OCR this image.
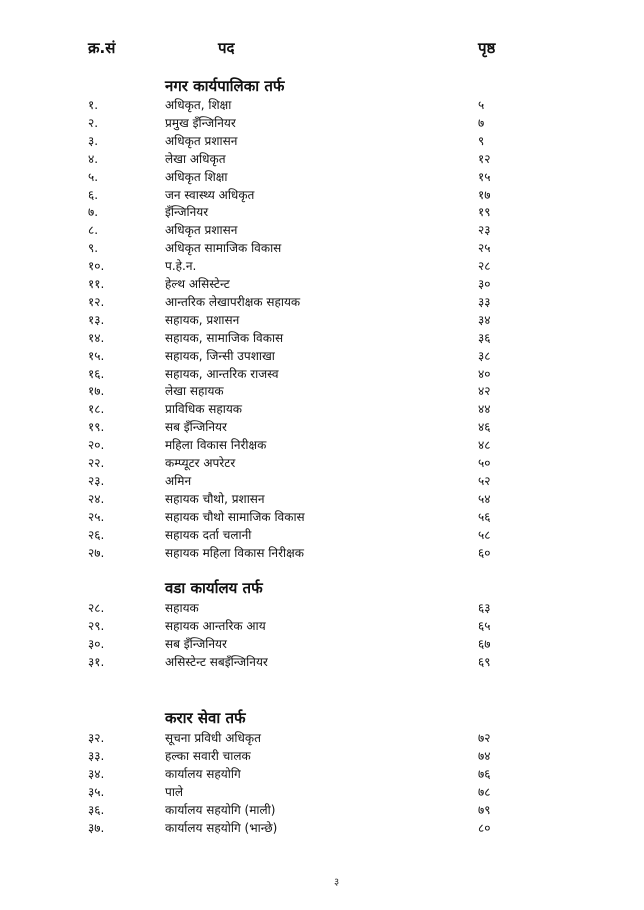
क्र.सं	पद	पृष्ठ
नगर कार्यपालिका तर्फ
१.	अधिकृत, शिक्षा	५
२.	प्रमुख इँन्जिनियर	७
३.	अधिकृत प्रशासन	९
४.	लेखा अधिकृत	१२
५.	अधिकृत शिक्षा	१५
६.	जन स्वास्थ्य अधिकृत	१७
७.	इँन्जिनियर	१९
८.	अधिकृत प्रशासन	२३
९.	अधिकृत सामाजिक विकास	२५
१०.	प.हे.न.	२८
११.	हेल्थ असिस्टेन्ट	३०
१२.	आन्तरिक लेखापरीक्षक सहायक	३३
१३.	सहायक, प्रशासन	३४
१४.	सहायक, सामाजिक विकास	३६
१५.	सहायक, जिन्सी उपशाखा	३८
१६.	सहायक, आन्तरिक राजस्व	४०
१७.	लेखा सहायक	४२
१८.	प्राविधिक सहायक	४४
१९.	सब इँन्जिनियर	४६
२०.	महिला विकास निरीक्षक	४८
२२.	कम्प्यूटर अपरेटर	५०
२३.	अमिन	५२
२४.	सहायक चौथो, प्रशासन	५४
२५.	सहायक चौथो सामाजिक विकास	५६
२६.	सहायक दर्ता चलानी	५८
२७.	सहायक महिला विकास निरीक्षक	६०
वडा कार्यालय तर्फ
२८.	सहायक	६३
२९.	सहायक आन्तरिक आय	६५
३०.	सब इँन्जिनियर	६७
३१.	असिस्टेन्ट सबइँन्जिनियर	६९
करार सेवा तर्फ
३२.	सूचना प्रविधी अधिकृत	७२
३३.	हल्का सवारी चालक	७४
३४.	कार्यालय सहयोगि	७६
३५.	पाले	७८
३६.	कार्यालय सहयोगि (माली)	७९
३७.	कार्यालय सहयोगि (भान्छे)	८०
३
